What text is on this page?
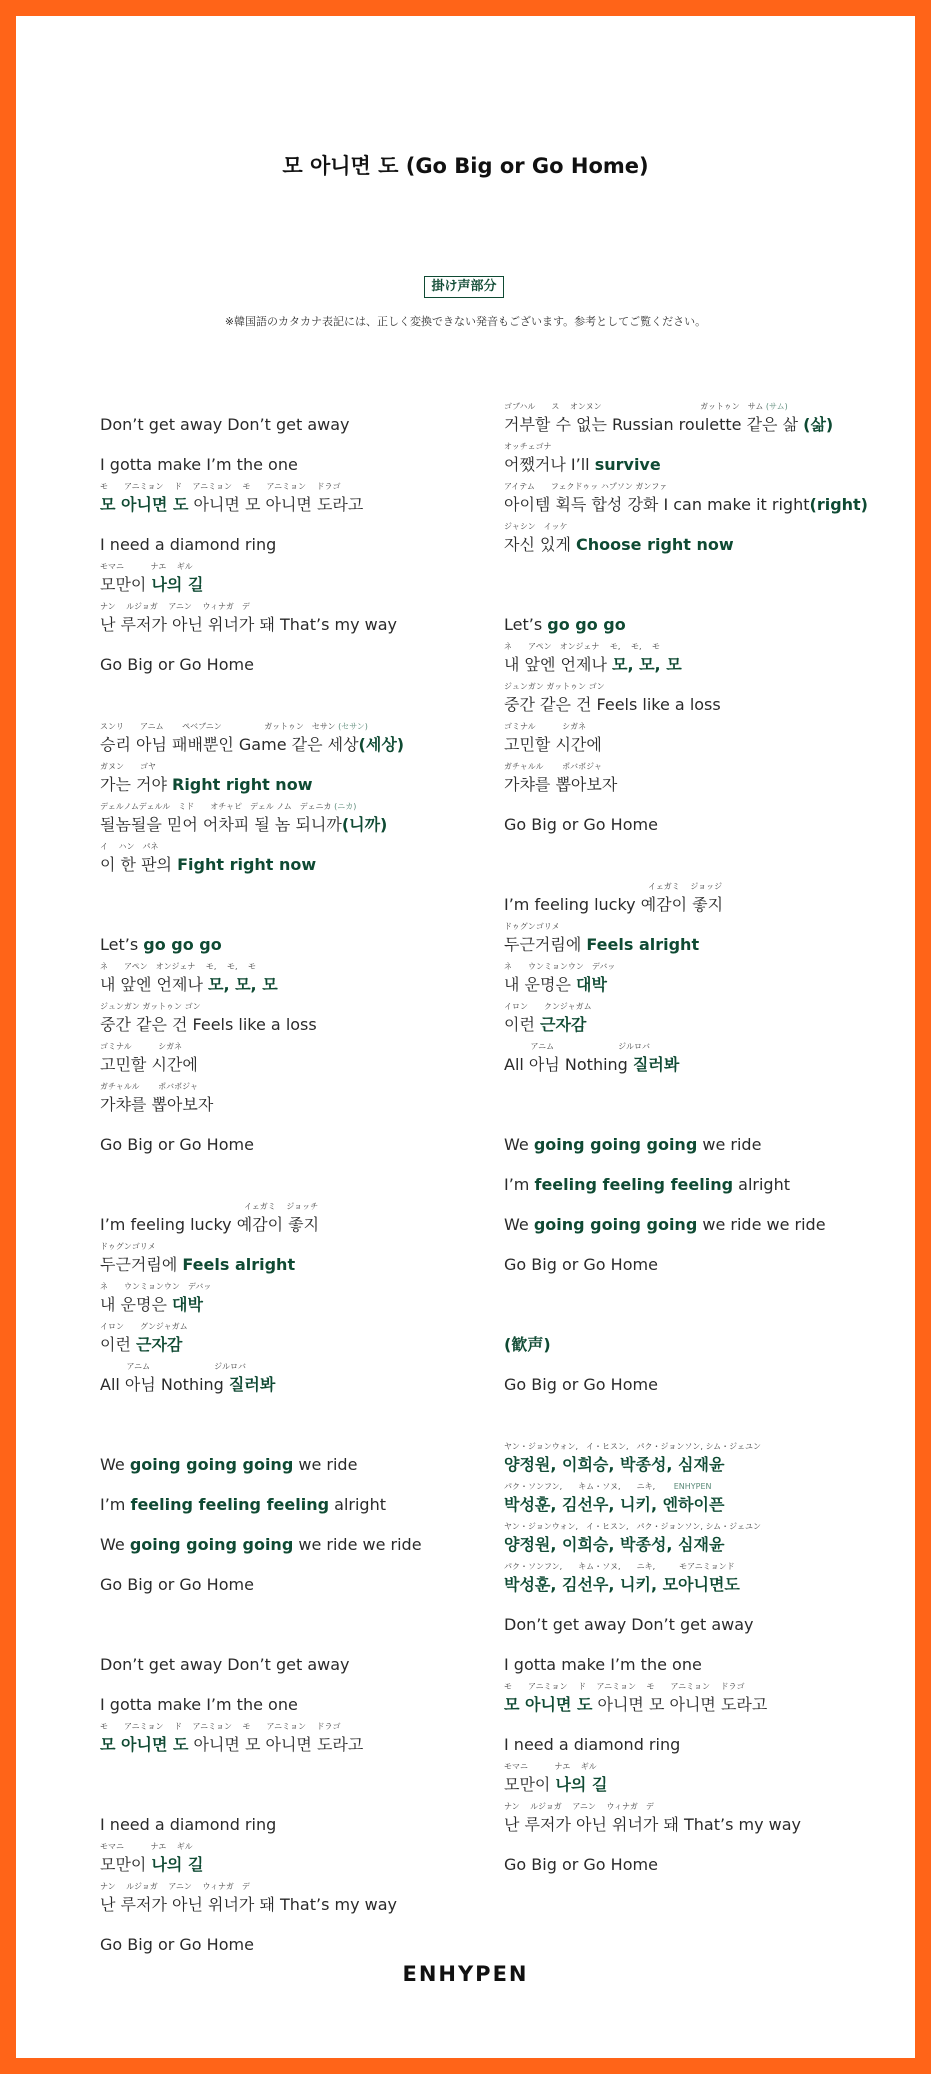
모 아니면 도 (Go Big or Go Home)
掛け声部分
※韓国語のカタカナ表記には、正しく変換できない発音もございます。参考としてご覧ください。
Don’t get away Don’t get away
I gotta make I’m the one
モ　　アニミョン　 ド　 アニミョン　 モ　　アニミョン　 ドラゴ
모 아니면 도 아니면 모 아니면 도라고
I need a diamond ring
モマニ　　　 ナエ　 ギル
모만이 나의 길
ナン　 ルジョガ　 アニン　 ウィナガ　デ
난 루저가 아닌 위너가 돼 That’s my way
Go Big or Go Home
スンリ　　アニム　　 ペベブニン　　　　　 ガットゥン　セサン (セサン)
승리 아님 패배뿐인 Game 같은 세상(세상)
ガヌン　　ゴヤ
가는 거야 Right right now
デェルノムデェルル　ミド　　オチャピ　デェル ノム　デェニカ (ニカ)
될놈될을 믿어 어차피 될 놈 되니까(니까)
イ　 ハン　パネ
이 한 판의 Fight right now
Let’s go go go
ネ　　アペン　オンジェナ　 モ,　 モ,　 モ
내 앞엔 언제나 모, 모, 모
ジュンガン ガットゥン ゴン
중간 같은 건 Feels like a loss
ゴミナル　　　 シガネ
고민할 시간에
ガチャルル　　 ポバボジャ
가챠를 뽑아보자
Go Big or Go Home
　　　　　　　　　　　　　　　　　　イェガミ　 ジョッチ
I’m feeling lucky 예감이 좋지
ドゥグンゴリメ
두근거림에 Feels alright
ネ　　ウンミョンウン　デバッ
내 운명은 대박
イロン　　グンジャガム
이런 근자감
　　　 アニム　　　　　　　　ジルロバ
All 아님 Nothing 질러봐
We going going going we ride
I’m feeling feeling feeling alright
We going going going we ride we ride
Go Big or Go Home
Don’t get away Don’t get away
I gotta make I’m the one
モ　　アニミョン　 ド　 アニミョン　 モ　　アニミョン　 ドラゴ
모 아니면 도 아니면 모 아니면 도라고
I need a diamond ring
モマニ　　　 ナエ　 ギル
모만이 나의 길
ナン　 ルジョガ　 アニン　 ウィナガ　デ
난 루저가 아닌 위너가 돼 That’s my way
Go Big or Go Home
ゴブハル　　ス　 オンヌン　　　　　　　　　　　　 ガットゥン　サム (サム)
거부할 수 없는 Russian roulette 같은 삶 (삶)
オッチェゴナ
어쨌거나 I’ll survive
アイテム　　フェクドゥッ ハプソン ガンファ
아이템 획득 합성 강화 I can make it right(right)
ジャシン　イッケ
자신 있게 Choose right now
Let’s go go go
ネ　　アペン　オンジェナ　 モ,　 モ,　 モ
내 앞엔 언제나 모, 모, 모
ジュンガン ガットゥン ゴン
중간 같은 건 Feels like a loss
ゴミナル　　　 シガネ
고민할 시간에
ガチャルル　　 ポバボジャ
가챠를 뽑아보자
Go Big or Go Home
　　　　　　　　　　　　　　　　　　イェガミ　 ジョッジ
I’m feeling lucky 예감이 좋지
ドゥグンゴリメ
두근거림에 Feels alright
ネ　　ウンミョンウン　デバッ
내 운명은 대박
イロン　　クンジャガム
이런 근자감
　　　 アニム　　　　　　　　ジルロバ
All 아님 Nothing 질러봐
We going going going we ride
I’m feeling feeling feeling alright
We going going going we ride we ride
Go Big or Go Home
(歓声)
Go Big or Go Home
ヤン・ジョンウォン,　イ・ヒスン,　パク・ジョンソン, シム・ジェユン
양정원, 이희승, 박종성, 심재윤
パク・ソンフン,　　キム・ソヌ,　　ニキ,　　 ENHYPEN
박성훈, 김선우, 니키, 엔하이픈
ヤン・ジョンウォン,　イ・ヒスン,　パク・ジョンソン, シム・ジェユン
양정원, 이희승, 박종성, 심재윤
パク・ソンフン,　　キム・ソヌ,　　ニキ,　　　モアニミョンド
박성훈, 김선우, 니키, 모아니면도
Don’t get away Don’t get away
I gotta make I’m the one
モ　　アニミョン　 ド　 アニミョン　 モ　　アニミョン　 ドラゴ
모 아니면 도 아니면 모 아니면 도라고
I need a diamond ring
モマニ　　　 ナエ　 ギル
모만이 나의 길
ナン　 ルジョガ　 アニン　 ウィナガ　デ
난 루저가 아닌 위너가 돼 That’s my way
Go Big or Go Home
ENHYPEN
